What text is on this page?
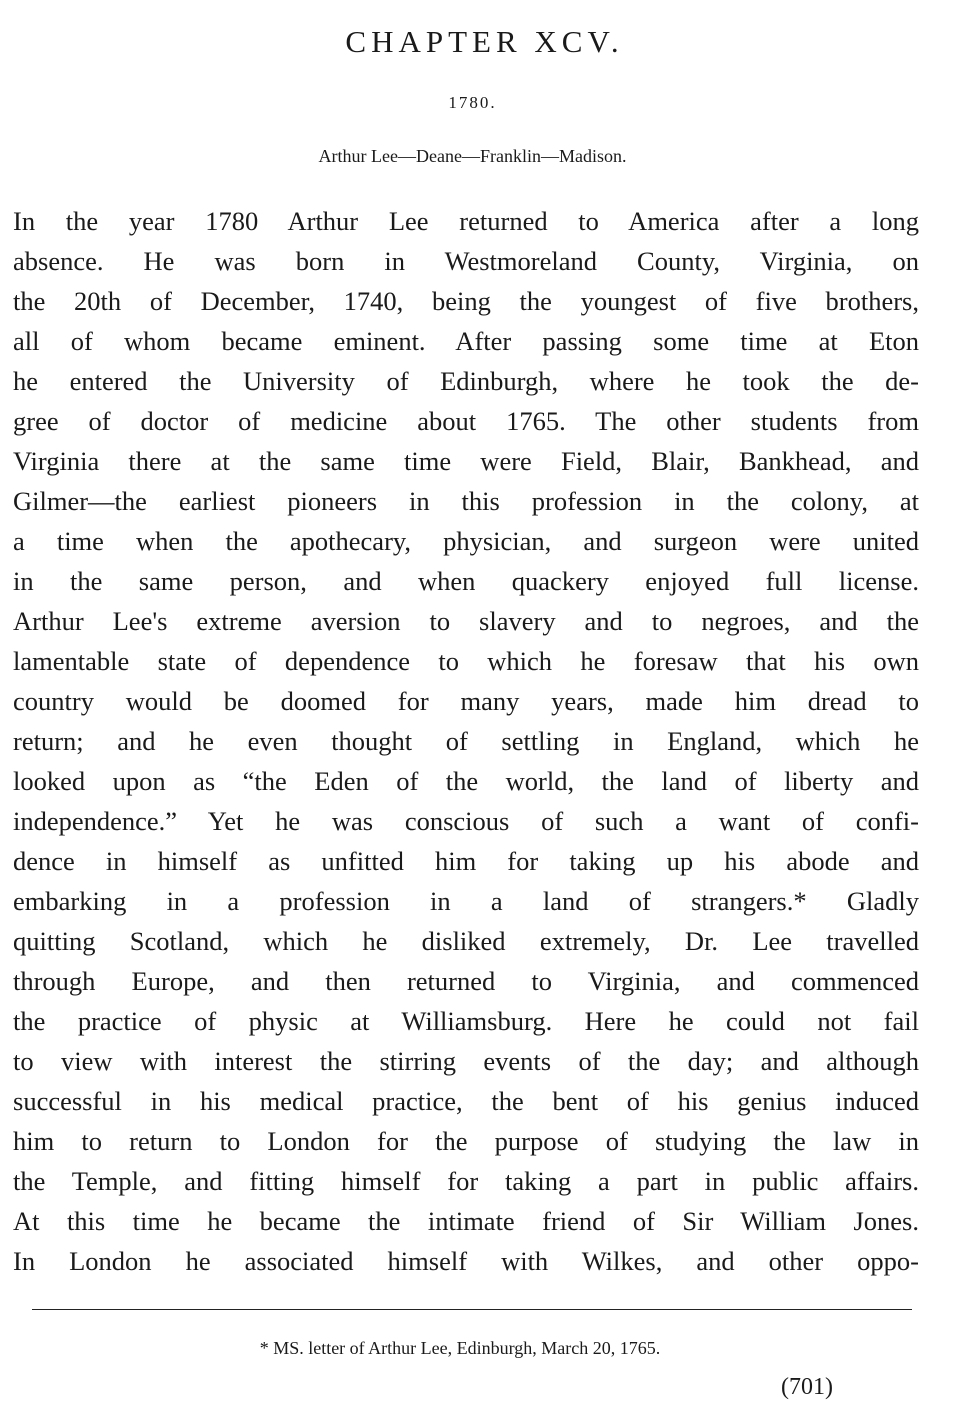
CHAPTER XCV.
1780.
Arthur Lee—Deane—Franklin—Madison.
In the year 1780 Arthur Lee returned to America after a long
absence. He was born in Westmoreland County, Virginia, on
the 20th of December, 1740, being the youngest of five brothers,
all of whom became eminent. After passing some time at Eton
he entered the University of Edinburgh, where he took the de-
gree of doctor of medicine about 1765. The other students from
Virginia there at the same time were Field, Blair, Bankhead, and
Gilmer—the earliest pioneers in this profession in the colony, at
a time when the apothecary, physician, and surgeon were united
in the same person, and when quackery enjoyed full license.
Arthur Lee's extreme aversion to slavery and to negroes, and the
lamentable state of dependence to which he foresaw that his own
country would be doomed for many years, made him dread to
return; and he even thought of settling in England, which he
looked upon as “the Eden of the world, the land of liberty and
independence.” Yet he was conscious of such a want of confi-
dence in himself as unfitted him for taking up his abode and
embarking in a profession in a land of strangers.* Gladly
quitting Scotland, which he disliked extremely, Dr. Lee travelled
through Europe, and then returned to Virginia, and commenced
the practice of physic at Williamsburg. Here he could not fail
to view with interest the stirring events of the day; and although
successful in his medical practice, the bent of his genius induced
him to return to London for the purpose of studying the law in
the Temple, and fitting himself for taking a part in public affairs.
At this time he became the intimate friend of Sir William Jones.
In London he associated himself with Wilkes, and other oppo-
* MS. letter of Arthur Lee, Edinburgh, March 20, 1765.
(701)
